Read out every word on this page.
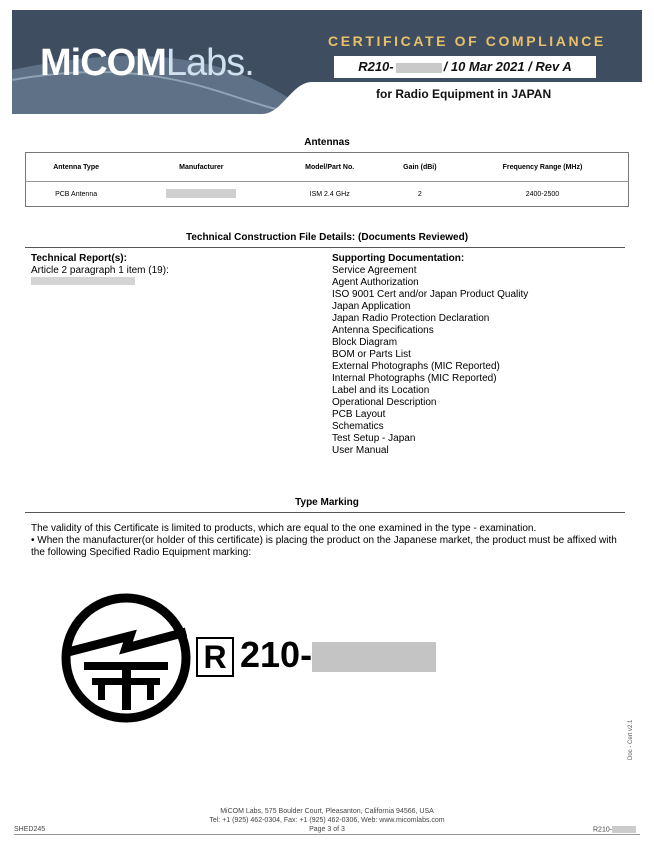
MiCOMLabs.
CERTIFICATE OF COMPLIANCE
R210-	/ 10 Mar 2021 / Rev A
for Radio Equipment in JAPAN
Antennas
Antenna Type	Manufacturer	Model/Part No.	Gain (dBi)	Frequency Range (MHz)
PCB Antenna		ISM 2.4 GHz	2	2400-2500
Technical Construction File Details: (Documents Reviewed)
Technical Report(s):
Article 2 paragraph 1 item (19):
Supporting Documentation:
Service Agreement
Agent Authorization
ISO 9001 Cert and/or Japan Product Quality
Japan Application
Japan Radio Protection Declaration
Antenna Specifications
Block Diagram
BOM or Parts List
External Photographs (MIC Reported)
Internal Photographs (MIC Reported)
Label and its Location
Operational Description
PCB Layout
Schematics
Test Setup - Japan
User Manual
Type Marking
The validity of this Certificate is limited to products, which are equal to the one examined in the type - examination.
• When the manufacturer(or holder of this certificate) is placing the product on the Japanese market, the product must be affixed with the following Specified Radio Equipment marking:
R 210-
MiCOM Labs, 575 Boulder Court, Pleasanton, California 94566, USA
Tel: +1 (925) 462-0304, Fax: +1 (925) 462-0306, Web: www.micomlabs.com
SHED245	Page 3 of 3	R210-
Doc - Cert v2.1
